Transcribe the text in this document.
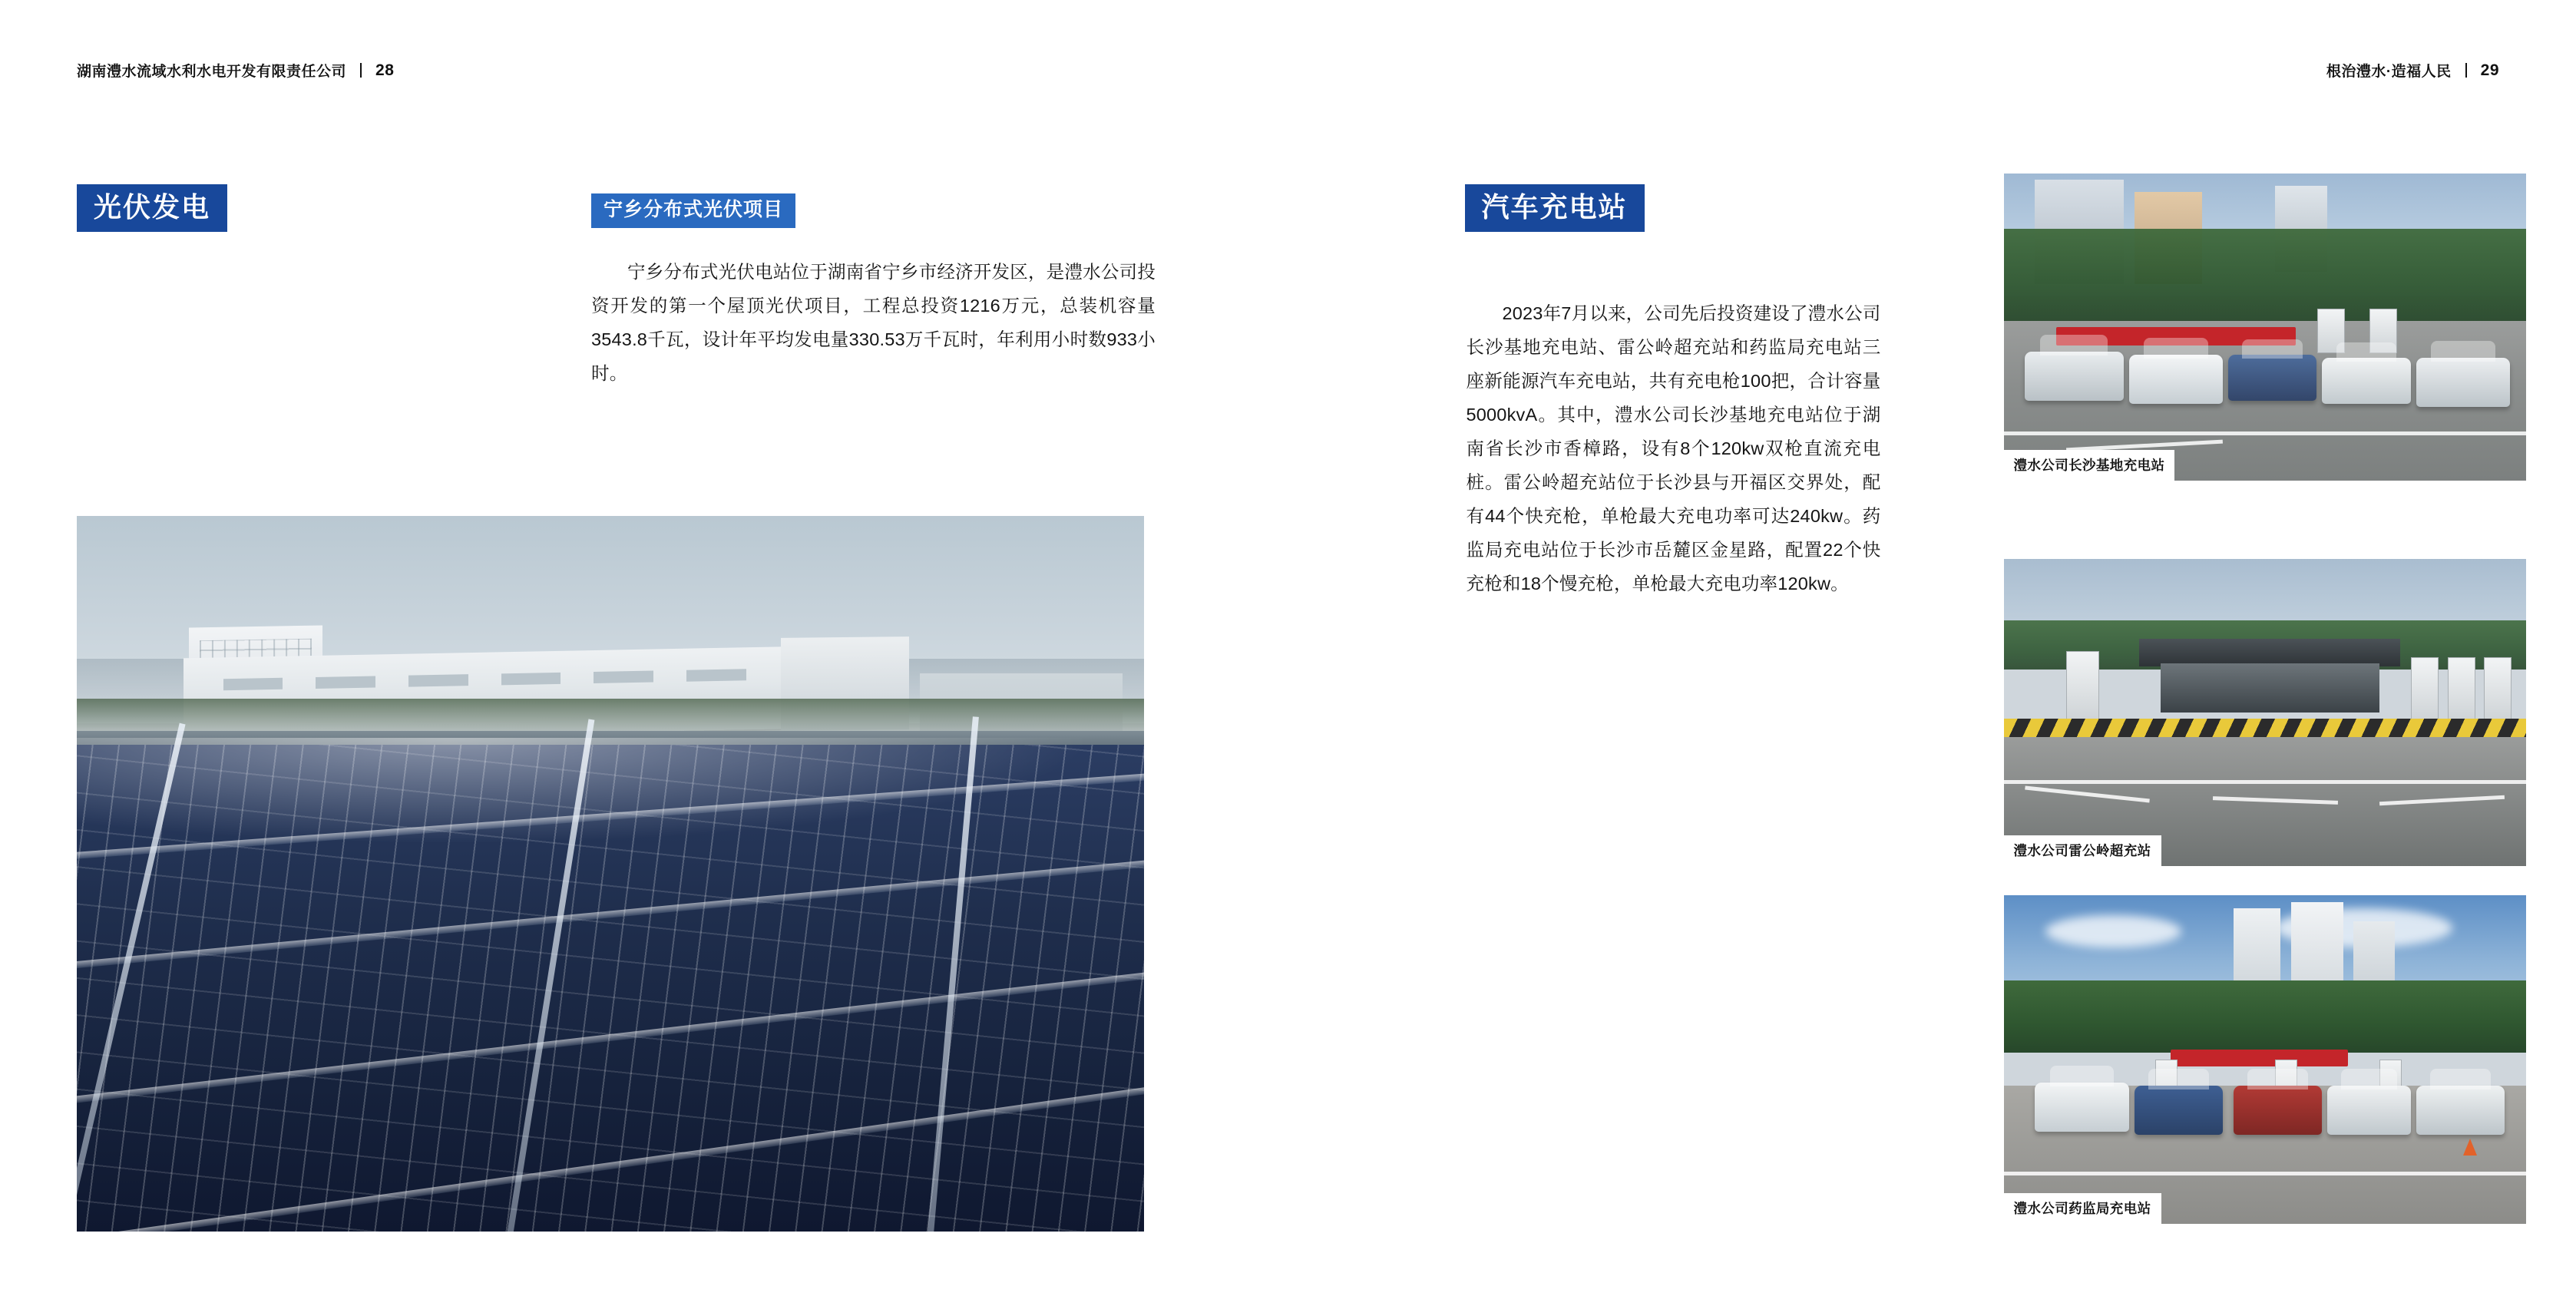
湖南澧水流域水利水电开发有限责任公司 28
光伏发电	宁乡分布式光伏项目

宁乡分布式光伏电站位于湖南省宁乡市经济开发区，是澧水公司投资开发的第一个屋顶光伏项目，工程总投资1216万元，总装机容量3543.8千瓦，设计年平均发电量330.53万千瓦时，年利用小时数933小时。

根治澧水·造福人民 29
汽车充电站

2023年7月以来，公司先后投资建设了澧水公司长沙基地充电站、雷公岭超充站和药监局充电站三座新能源汽车充电站，共有充电枪100把，合计容量5000kvA。其中，澧水公司长沙基地充电站位于湖南省长沙市香樟路，设有8个120kw双枪直流充电桩。雷公岭超充站位于长沙县与开福区交界处，配有44个快充枪，单枪最大充电功率可达240kw。药监局充电站位于长沙市岳麓区金星路，配置22个快充枪和18个慢充枪，单枪最大充电功率120kw。

澧水公司长沙基地充电站
澧水公司雷公岭超充站
澧水公司药监局充电站
